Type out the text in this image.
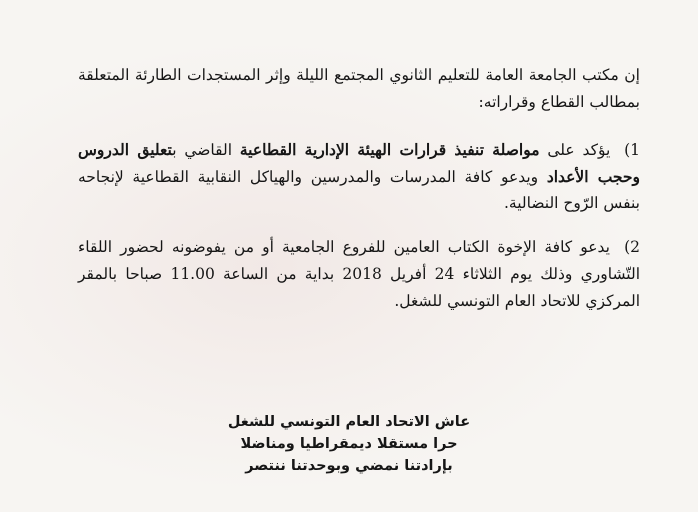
إن مكتب الجامعة العامة للتعليم الثانوي المجتمع الليلة وإثر المستجدات الطارئة المتعلقة
بمطالب القطاع وقراراته:
1) يؤكد على مواصلة تنفيذ قرارات الهيئة الإدارية القطاعية القاضي بتعليق الدروس
وحجب الأعداد ويدعو كافة المدرسات والمدرسين والهياكل النقابية القطاعية لإنجاحه
بنفس الرّوح النضالية.
2) يدعو كافة الإخوة الكتاب العامين للفروع الجامعية أو من يفوضونه لحضور اللقاء
التّشاوري وذلك يوم الثلاثاء 24 أفريل 2018 بداية من الساعة 11.00 صباحا بالمقر
المركزي للاتحاد العام التونسي للشغل.
عاش الاتحاد العام التونسي للشغل
حرا مستقلا ديمقراطيا ومناضلا
بإرادتنا نمضي وبوحدتنا ننتصر
